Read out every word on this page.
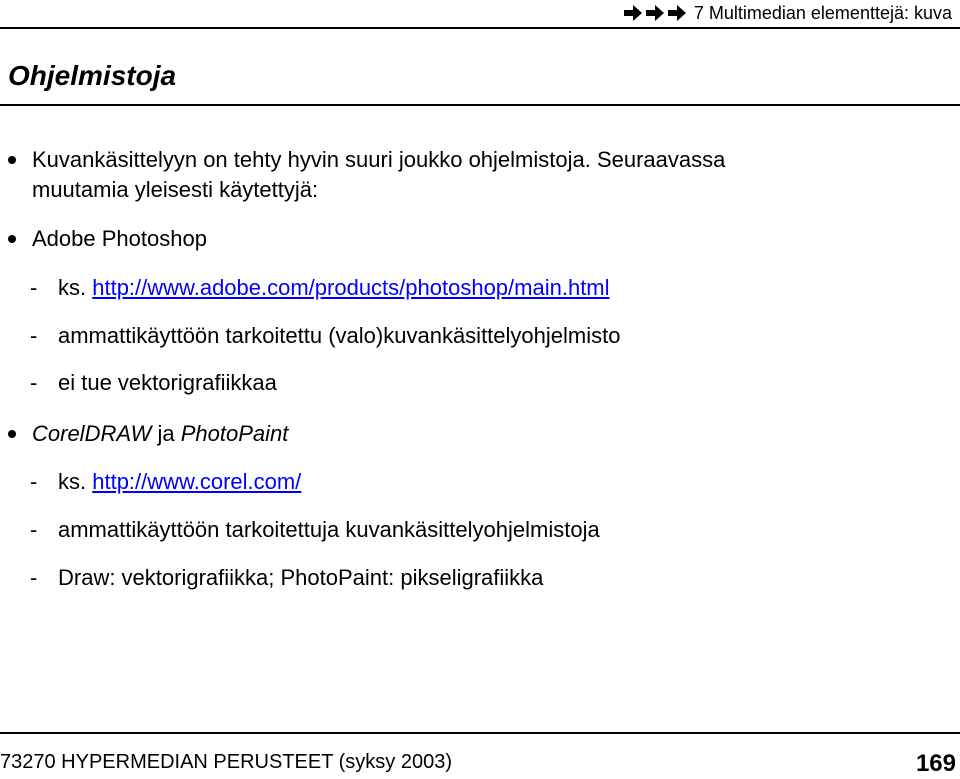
7 Multimedian elementtejä: kuva
Ohjelmistoja
Kuvankäsittelyyn on tehty hyvin suuri joukko ohjelmistoja. Seuraavassa
muutamia yleisesti käytettyjä:
Adobe Photoshop
- ks. http://www.adobe.com/products/photoshop/main.html
- ammattikäyttöön tarkoitettu (valo)kuvankäsittelyohjelmisto
- ei tue vektorigrafiikkaa
CorelDRAW ja PhotoPaint
- ks. http://www.corel.com/
- ammattikäyttöön tarkoitettuja kuvankäsittelyohjelmistoja
- Draw: vektorigrafiikka; PhotoPaint: pikseligrafiikka
73270 HYPERMEDIAN PERUSTEET (syksy 2003)	169
